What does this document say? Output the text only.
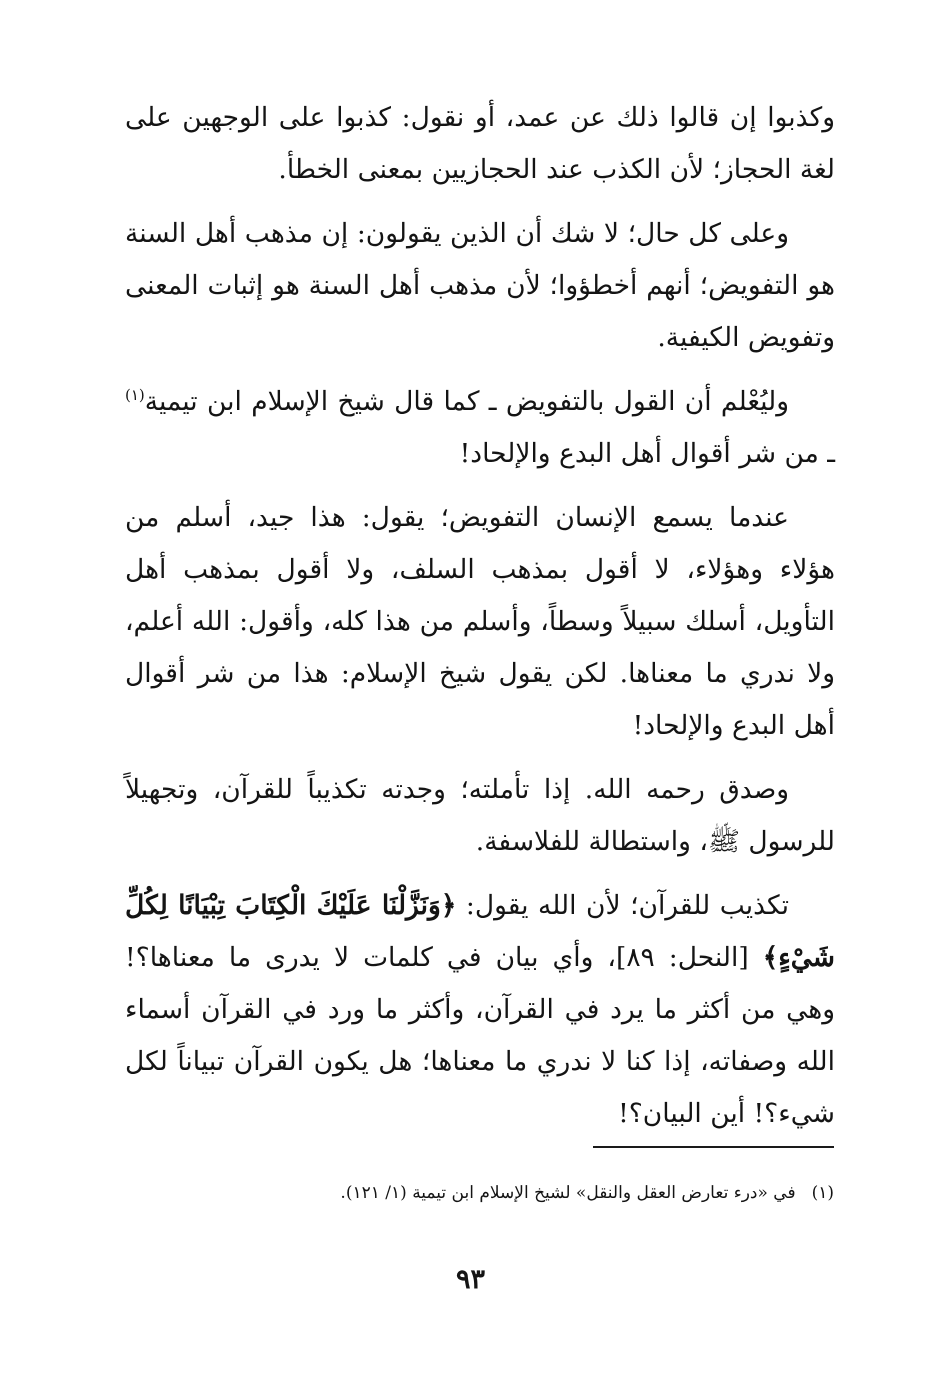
وكذبوا إن قالوا ذلك عن عمد، أو نقول: كذبوا على الوجهين على لغة الحجاز؛ لأن الكذب عند الحجازيين بمعنى الخطأ.

وعلى كل حال؛ لا شك أن الذين يقولون: إن مذهب أهل السنة هو التفويض؛ أنهم أخطؤوا؛ لأن مذهب أهل السنة هو إثبات المعنى وتفويض الكيفية.

وليُعْلم أن القول بالتفويض ـ كما قال شيخ الإسلام ابن تيمية$^{(١)}$ ـ من شر أقوال أهل البدع والإلحاد!

عندما يسمع الإنسان التفويض؛ يقول: هذا جيد، أسلم من هؤلاء وهؤلاء، لا أقول بمذهب السلف، ولا أقول بمذهب أهل التأويل، أسلك سبيلاً وسطاً، وأسلم من هذا كله، وأقول: الله أعلم، ولا ندري ما معناها. لكن يقول شيخ الإسلام: هذا من شر أقوال أهل البدع والإلحاد!

وصدق رحمه الله. إذا تأملته؛ وجدته تكذيباً للقرآن، وتجهيلاً للرسول ﷺ، واستطالة للفلاسفة.

تكذيب للقرآن؛ لأن الله يقول: ﴿وَنَزَّلْنَا عَلَيْكَ الْكِتَابَ تِبْيَانًا لِكُلِّ شَيْءٍ﴾ [النحل: ٨٩]، وأي بيان في كلمات لا يدرى ما معناها؟! وهي من أكثر ما يرد في القرآن، وأكثر ما ورد في القرآن أسماء الله وصفاته، إذا كنا لا ندري ما معناها؛ هل يكون القرآن تبياناً لكل شيء؟! أين البيان؟!

(١)في «درء تعارض العقل والنقل» لشيخ الإسلام ابن تيمية (١/ ١٢١).
٩٣
